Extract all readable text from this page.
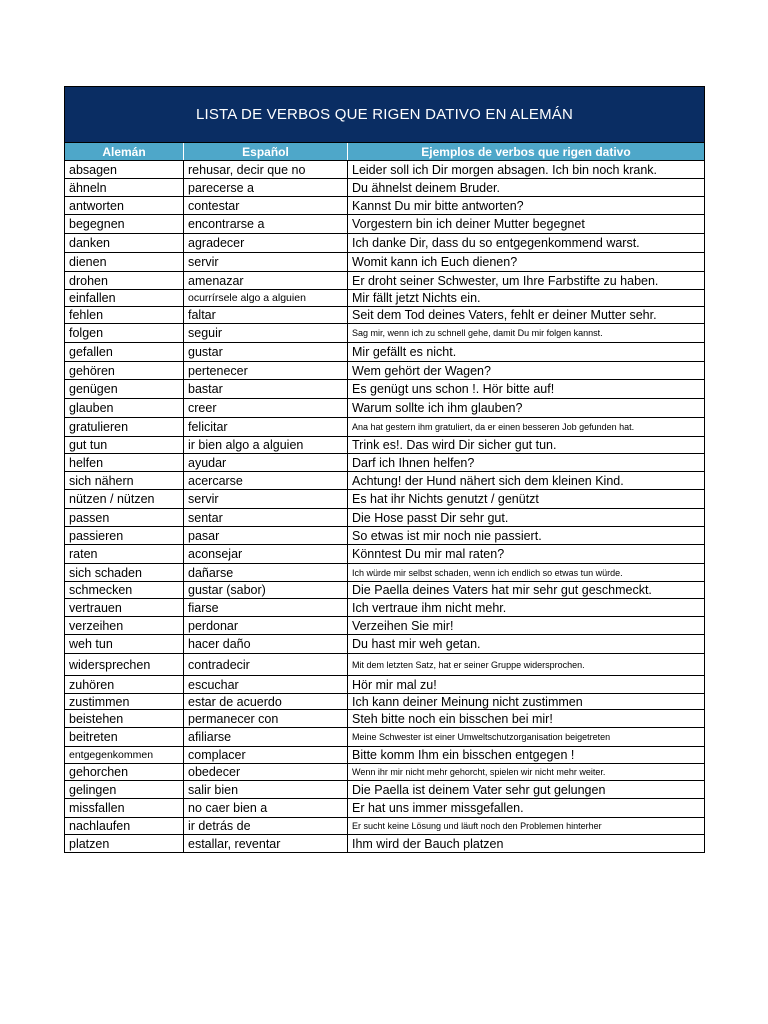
LISTA DE VERBOS QUE RIGEN DATIVO EN ALEMÁN
Alemán	Español	Ejemplos de verbos que rigen dativo
absagen	rehusar, decir que no	Leider soll ich Dir morgen absagen. Ich bin noch krank.
ähneln	parecerse a	Du ähnelst deinem Bruder.
antworten	contestar	Kannst Du mir bitte antworten?
begegnen	encontrarse a	Vorgestern bin ich deiner Mutter begegnet
danken	agradecer	Ich danke Dir, dass du so entgegenkommend warst.
dienen	servir	Womit kann ich Euch dienen?
drohen	amenazar	Er droht seiner Schwester, um Ihre Farbstifte zu haben.
einfallen	ocurrírsele algo a alguien	Mir fällt jetzt Nichts ein.
fehlen	faltar	Seit dem Tod deines Vaters, fehlt er deiner Mutter sehr.
folgen	seguir	Sag mir, wenn ich zu schnell gehe, damit Du mir folgen kannst.
gefallen	gustar	Mir gefällt es nicht.
gehören	pertenecer	Wem gehört der Wagen?
genügen	bastar	Es genügt uns schon !. Hör bitte auf!
glauben	creer	Warum sollte ich ihm glauben?
gratulieren	felicitar	Ana hat gestern ihm gratuliert, da er einen besseren Job gefunden hat.
gut tun	ir bien algo a alguien	Trink es!. Das wird Dir sicher gut tun.
helfen	ayudar	Darf ich Ihnen helfen?
sich nähern	acercarse	Achtung! der Hund nähert sich dem kleinen Kind.
nützen / nützen	servir	Es hat ihr Nichts genutzt / genützt
passen	sentar	Die Hose passt Dir sehr gut.
passieren	pasar	So etwas ist mir noch nie passiert.
raten	aconsejar	Könntest Du mir mal raten?
sich schaden	dañarse	Ich würde mir selbst schaden, wenn ich endlich so etwas tun würde.
schmecken	gustar (sabor)	Die Paella deines Vaters hat mir sehr gut geschmeckt.
vertrauen	fiarse	Ich vertraue ihm nicht mehr.
verzeihen	perdonar	Verzeihen Sie mir!
weh tun	hacer daño	Du hast mir weh getan.
widersprechen	contradecir	Mit dem letzten Satz, hat er seiner Gruppe widersprochen.
zuhören	escuchar	Hör mir mal zu!
zustimmen	estar de acuerdo	Ich kann deiner Meinung nicht zustimmen
beistehen	permanecer con	Steh bitte noch ein bisschen bei mir!
beitreten	afiliarse	Meine Schwester ist einer Umweltschutzorganisation beigetreten
entgegenkommen	complacer	Bitte komm Ihm ein bisschen entgegen !
gehorchen	obedecer	Wenn ihr mir nicht mehr gehorcht, spielen wir nicht mehr weiter.
gelingen	salir bien	Die Paella ist deinem Vater sehr gut gelungen
missfallen	no caer bien a	Er hat uns immer missgefallen.
nachlaufen	ir detrás de	Er sucht keine Lösung und läuft noch den Problemen hinterher
platzen	estallar, reventar	Ihm wird der Bauch platzen
